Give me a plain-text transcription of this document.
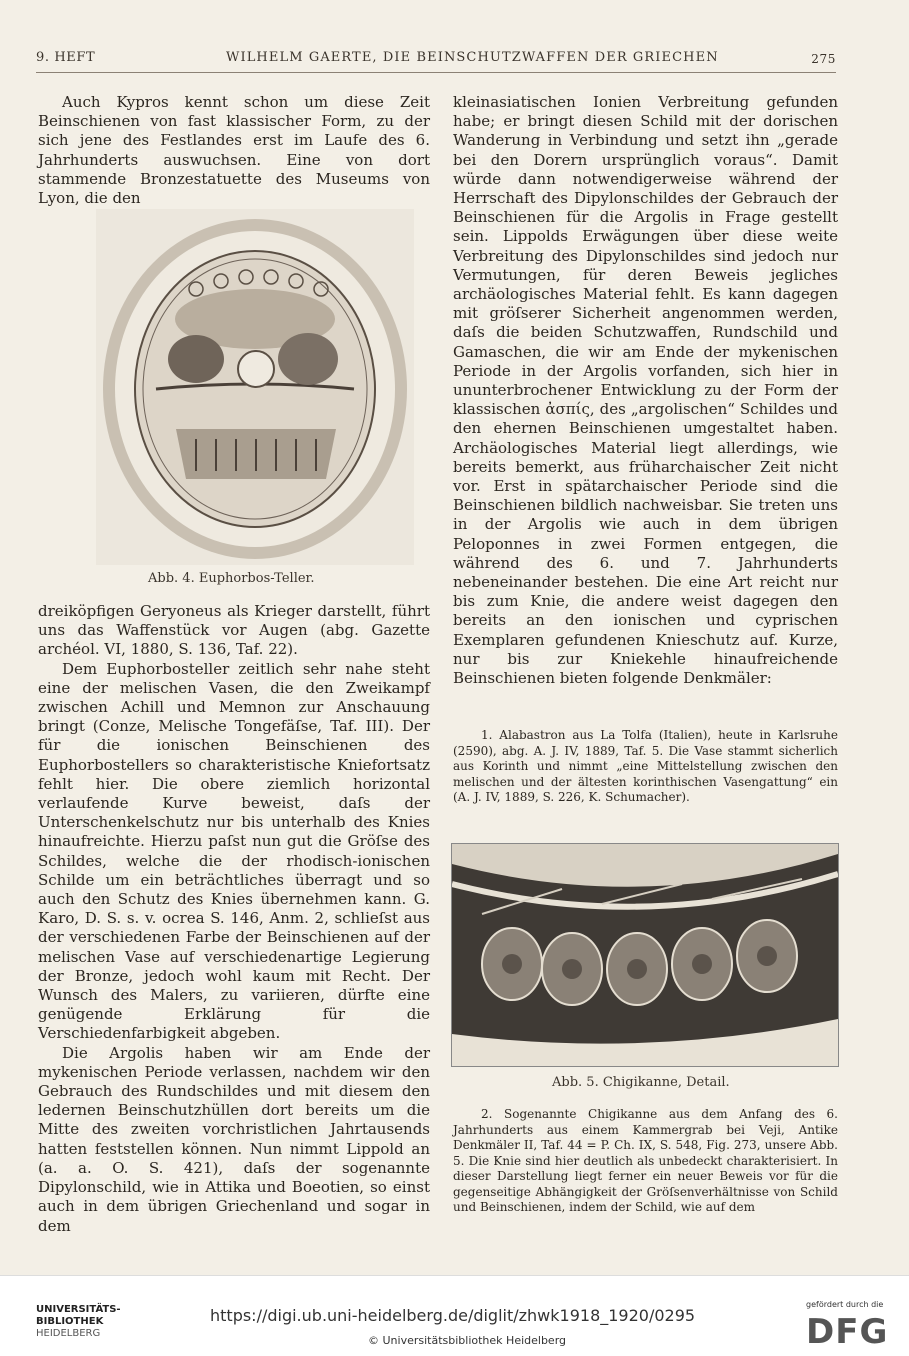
9. HEFT	WILHELM GAERTE, DIE BEINSCHUTZWAFFEN DER GRIECHEN	275

Auch Kypros kennt schon um diese Zeit Beinschienen von fast klassischer Form, zu der sich jene des Festlandes erst im Laufe des 6. Jahrhunderts auswuchsen. Eine von dort stammende Bronzestatuette des Museums von Lyon, die den

Abb. 4. Euphorbos-Teller.

dreiköpfigen Geryoneus als Krieger darstellt, führt uns das Waffenstück vor Augen (abg. Gazette archéol. VI, 1880, S. 136, Taf. 22).

Dem Euphorbosteller zeitlich sehr nahe steht eine der melischen Vasen, die den Zweikampf zwischen Achill und Memnon zur Anschauung bringt (Conze, Melische Tongefäſse, Taf. III). Der für die ionischen Beinschienen des Euphorbostellers so charakteristische Kniefortsatz fehlt hier. Die obere ziemlich horizontal verlaufende Kurve beweist, daſs der Unterschenkelschutz nur bis unterhalb des Knies hinaufreichte. Hierzu paſst nun gut die Gröſse des Schildes, welche die der rhodisch-ionischen Schilde um ein beträchtliches überragt und so auch den Schutz des Knies übernehmen kann. G. Karo, D. S. s. v. ocrea S. 146, Anm. 2, schlieſst aus der verschiedenen Farbe der Beinschienen auf der melischen Vase auf verschiedenartige Legierung der Bronze, jedoch wohl kaum mit Recht. Der Wunsch des Malers, zu variieren, dürfte eine genügende Erklärung für die Verschiedenfarbigkeit abgeben.

Die Argolis haben wir am Ende der mykenischen Periode verlassen, nachdem wir den Gebrauch des Rundschildes und mit diesem den ledernen Beinschutzhüllen dort bereits um die Mitte des zweiten vorchristlichen Jahrtausends hatten feststellen können. Nun nimmt Lippold an (a. a. O. S. 421), daſs der sogenannte Dipylonschild, wie in Attika und Boeotien, so einst auch in dem übrigen Griechenland und sogar in dem

kleinasiatischen Ionien Verbreitung gefunden habe; er bringt diesen Schild mit der dorischen Wanderung in Verbindung und setzt ihn „gerade bei den Dorern ursprünglich voraus“. Damit würde dann notwendigerweise während der Herrschaft des Dipylonschildes der Gebrauch der Beinschienen für die Argolis in Frage gestellt sein. Lippolds Erwägungen über diese weite Verbreitung des Dipylonschildes sind jedoch nur Vermutungen, für deren Beweis jegliches archäologisches Material fehlt. Es kann dagegen mit gröſserer Sicherheit angenommen werden, daſs die beiden Schutzwaffen, Rundschild und Gamaschen, die wir am Ende der mykenischen Periode in der Argolis vorfanden, sich hier in ununterbrochener Entwicklung zu der Form der klassischen ἀσπίς, des „argolischen“ Schildes und den ehernen Beinschienen umgestaltet haben. Archäologisches Material liegt allerdings, wie bereits bemerkt, aus früharchaischer Zeit nicht vor. Erst in spätarchaischer Periode sind die Beinschienen bildlich nachweisbar. Sie treten uns in der Argolis wie auch in dem übrigen Peloponnes in zwei Formen entgegen, die während des 6. und 7. Jahrhunderts nebeneinander bestehen. Die eine Art reicht nur bis zum Knie, die andere weist dagegen den bereits an den ionischen und cyprischen Exemplaren gefundenen Knieschutz auf. Kurze, nur bis zur Kniekehle hinaufreichende Beinschienen bieten folgende Denkmäler:

1. Alabastron aus La Tolfa (Italien), heute in Karlsruhe (2590), abg. A. J. IV, 1889, Taf. 5. Die Vase stammt sicherlich aus Korinth und nimmt „eine Mittelstellung zwischen den melischen und der ältesten korinthischen Vasengattung“ ein (A. J. IV, 1889, S. 226, K. Schumacher).

Abb. 5. Chigikanne, Detail.

2. Sogenannte Chigikanne aus dem Anfang des 6. Jahrhunderts aus einem Kammergrab bei Veji, Antike Denkmäler II, Taf. 44 = P. Ch. IX, S. 548, Fig. 273, unsere Abb. 5. Die Knie sind hier deutlich als unbedeckt charakterisiert. In dieser Darstellung liegt ferner ein neuer Beweis vor für die gegenseitige Abhängigkeit der Gröſsenverhältnisse von Schild und Beinschienen, indem der Schild, wie auf dem

UNIVERSITÄTS-
BIBLIOTHEK
HEIDELBERG
https://digi.ub.uni-heidelberg.de/diglit/zhwk1918_1920/0295
© Universitätsbibliothek Heidelberg
gefördert durch die
DFG
